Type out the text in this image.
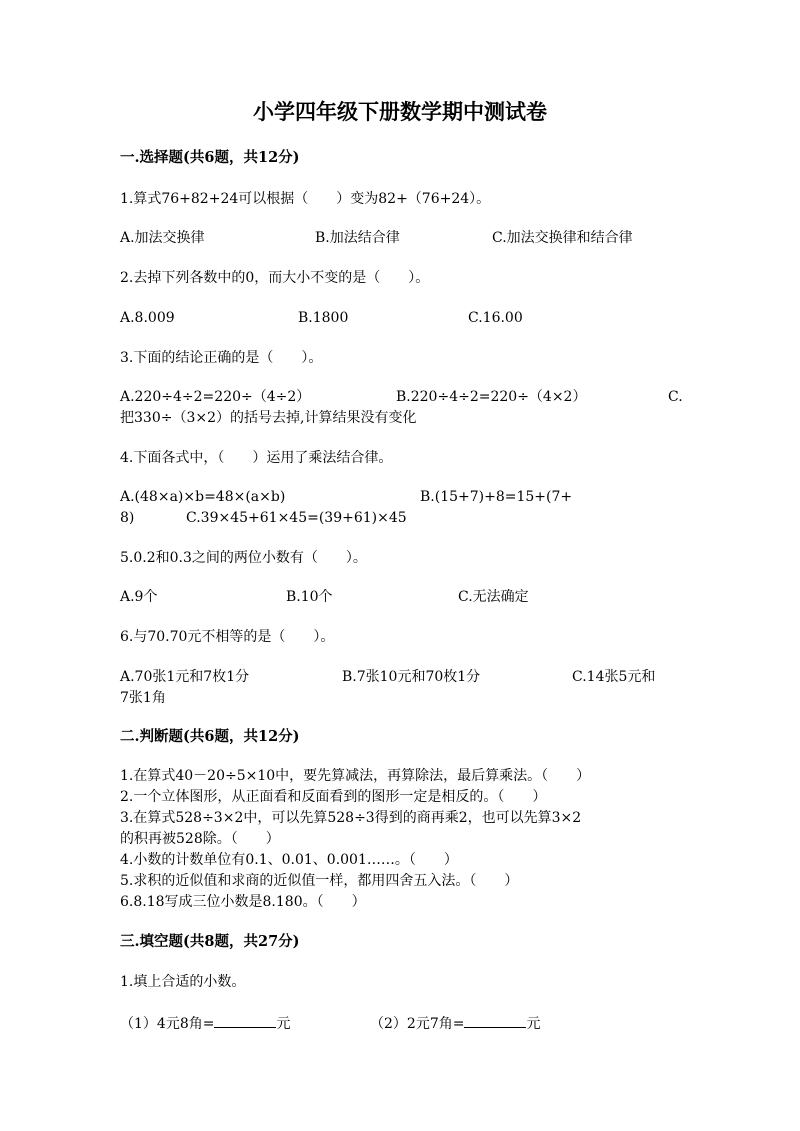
小学四年级下册数学期中测试卷
一.选择题(共6题，共12分)
1.算式76+82+24可以根据（　　）变为82+（76+24）。
A.加法交换律	B.加法结合律	C.加法交换律和结合律
2.去掉下列各数中的0，而大小不变的是（　　）。
A.8.009	B.1800	C.16.00
3.下面的结论正确的是（　　）。
A.220÷4÷2=220÷（4÷2）	B.220÷4÷2=220÷（4×2）	C.
把330÷（3×2）的括号去掉,计算结果没有变化
4.下面各式中，（　　）运用了乘法结合律。
A.(48×a)×b=48×(a×b)	B.(15+7)+8=15+(7+
8)	C.39×45+61×45=(39+61)×45
5.0.2和0.3之间的两位小数有（　　）。
A.9个	B.10个	C.无法确定
6.与70.70元不相等的是（　　）。
A.70张1元和7枚1分	B.7张10元和70枚1分	C.14张5元和
7张1角
二.判断题(共6题，共12分)
1.在算式40－20÷5×10中，要先算减法，再算除法，最后算乘法。（　　）
2.一个立体图形，从正面看和反面看到的图形一定是相反的。（　　）
3.在算式528÷3×2中，可以先算528÷3得到的商再乘2，也可以先算3×2
的积再被528除。（　　）
4.小数的计数单位有0.1、0.01、0.001……。（　　）
5.求积的近似值和求商的近似值一样，都用四舍五入法。（　　）
6.8.18写成三位小数是8.180。（　　）
三.填空题(共8题，共27分)
1.填上合适的小数。
（1）4元8角=	元	（2）2元7角=	元
